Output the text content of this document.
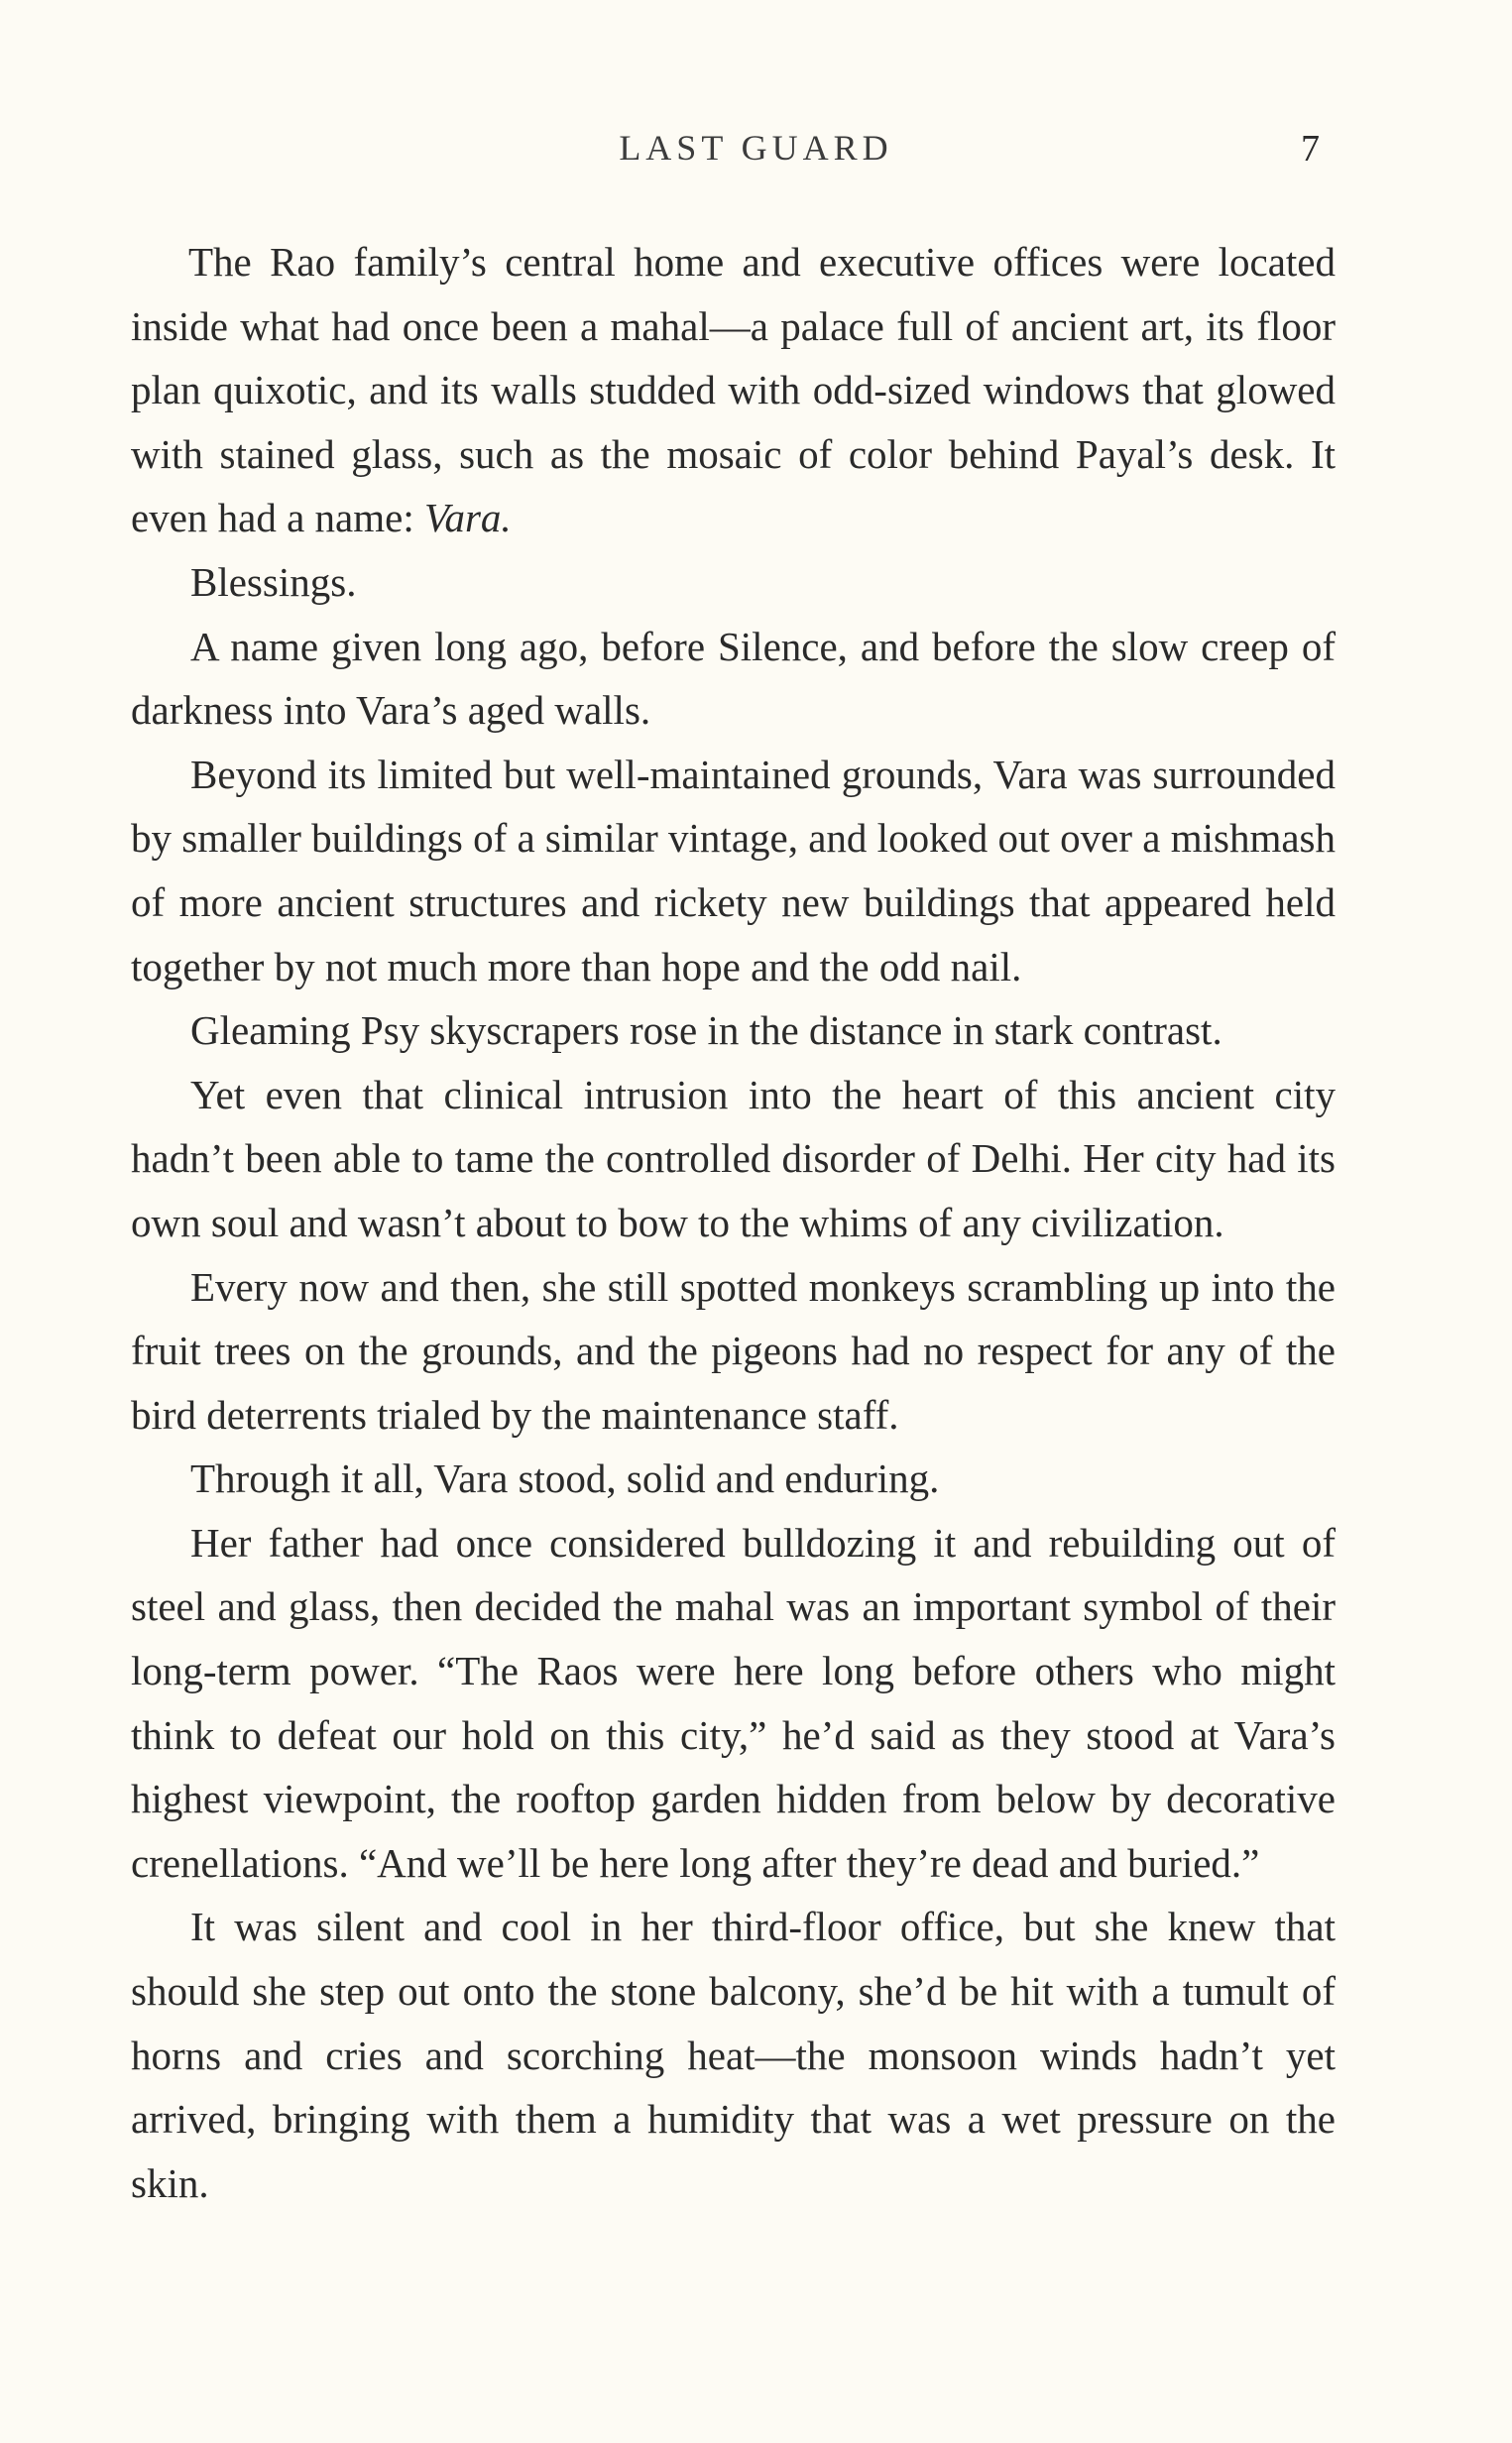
LAST GUARD	7

The Rao family’s central home and executive offices were located inside what had once been a mahal—a palace full of ancient art, its floor plan quixotic, and its walls studded with odd-sized windows that glowed with stained glass, such as the mosaic of color behind Payal’s desk. It even had a name: Vara.

Blessings.

A name given long ago, before Silence, and before the slow creep of darkness into Vara’s aged walls.

Beyond its limited but well-maintained grounds, Vara was surrounded by smaller buildings of a similar vintage, and looked out over a mishmash of more ancient structures and rickety new buildings that appeared held together by not much more than hope and the odd nail.

Gleaming Psy skyscrapers rose in the distance in stark contrast.

Yet even that clinical intrusion into the heart of this ancient city hadn’t been able to tame the controlled disorder of Delhi. Her city had its own soul and wasn’t about to bow to the whims of any civilization.

Every now and then, she still spotted monkeys scrambling up into the fruit trees on the grounds, and the pigeons had no respect for any of the bird deterrents trialed by the maintenance staff.

Through it all, Vara stood, solid and enduring.

Her father had once considered bulldozing it and rebuilding out of steel and glass, then decided the mahal was an important symbol of their long-term power. “The Raos were here long before others who might think to defeat our hold on this city,” he’d said as they stood at Vara’s highest viewpoint, the rooftop garden hidden from below by decorative crenellations. “And we’ll be here long after they’re dead and buried.”

It was silent and cool in her third-floor office, but she knew that should she step out onto the stone balcony, she’d be hit with a tumult of horns and cries and scorching heat—the monsoon winds hadn’t yet arrived, bringing with them a humidity that was a wet pressure on the skin.
